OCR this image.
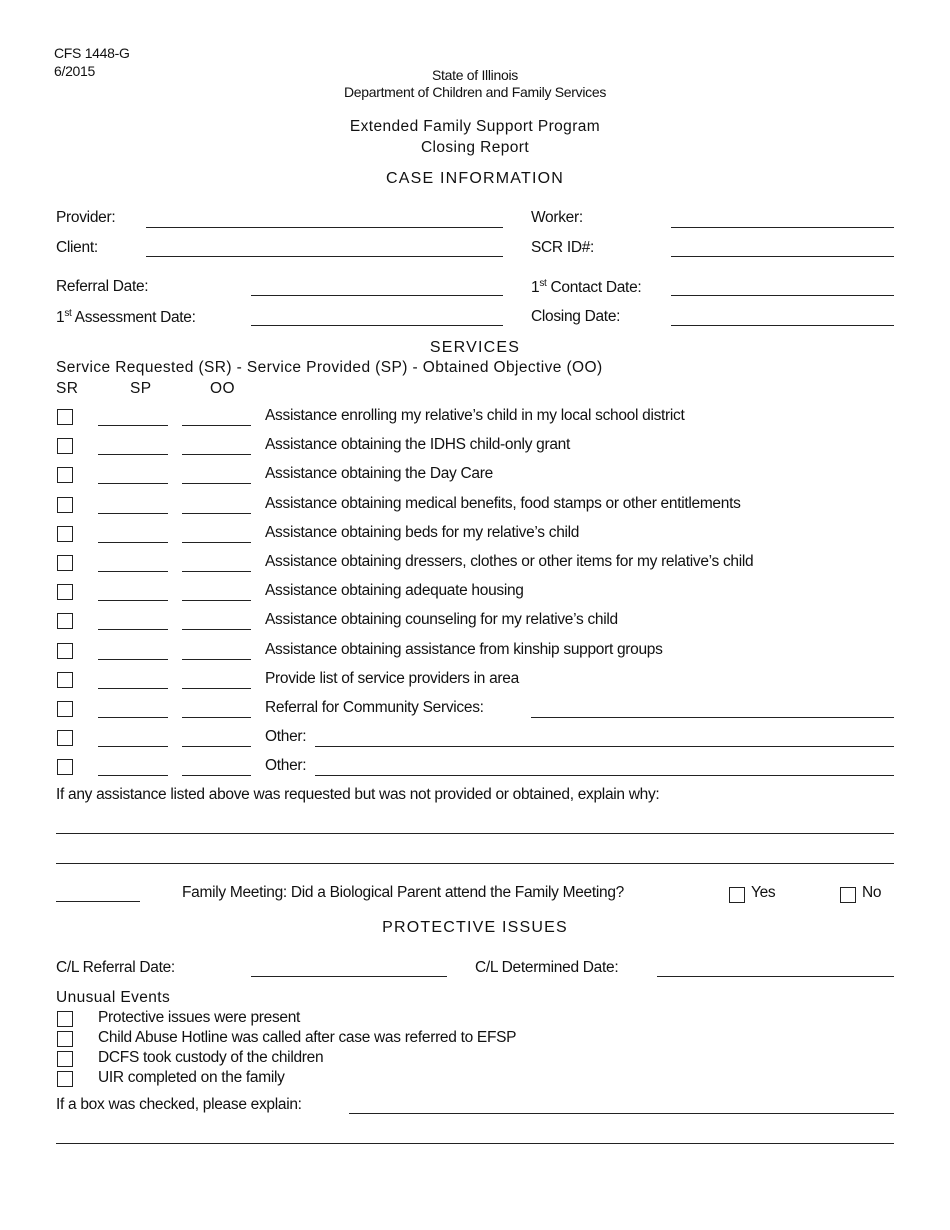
CFS 1448-G
6/2015	State of Illinois
Department of Children and Family Services
Extended Family Support Program
Closing Report
CASE INFORMATION
Provider:	Worker:
Client:	SCR ID#:
Referral Date:	1st Contact Date:
1st Assessment Date:	Closing Date:
SERVICES
Service Requested (SR) - Service Provided (SP) - Obtained Objective (OO)
SR	SP	OO
Assistance enrolling my relative’s child in my local school district
Assistance obtaining the IDHS child-only grant
Assistance obtaining the Day Care
Assistance obtaining medical benefits, food stamps or other entitlements
Assistance obtaining beds for my relative’s child
Assistance obtaining dressers, clothes or other items for my relative’s child
Assistance obtaining adequate housing
Assistance obtaining counseling for my relative’s child
Assistance obtaining assistance from kinship support groups
Provide list of service providers in area
Referral for Community Services:
Other:
Other:
If any assistance listed above was requested but was not provided or obtained, explain why:
Family Meeting: Did a Biological Parent attend the Family Meeting?	Yes	No
PROTECTIVE ISSUES
C/L Referral Date:	C/L Determined Date:
Unusual Events
Protective issues were present
Child Abuse Hotline was called after case was referred to EFSP
DCFS took custody of the children
UIR completed on the family
If a box was checked, please explain:
